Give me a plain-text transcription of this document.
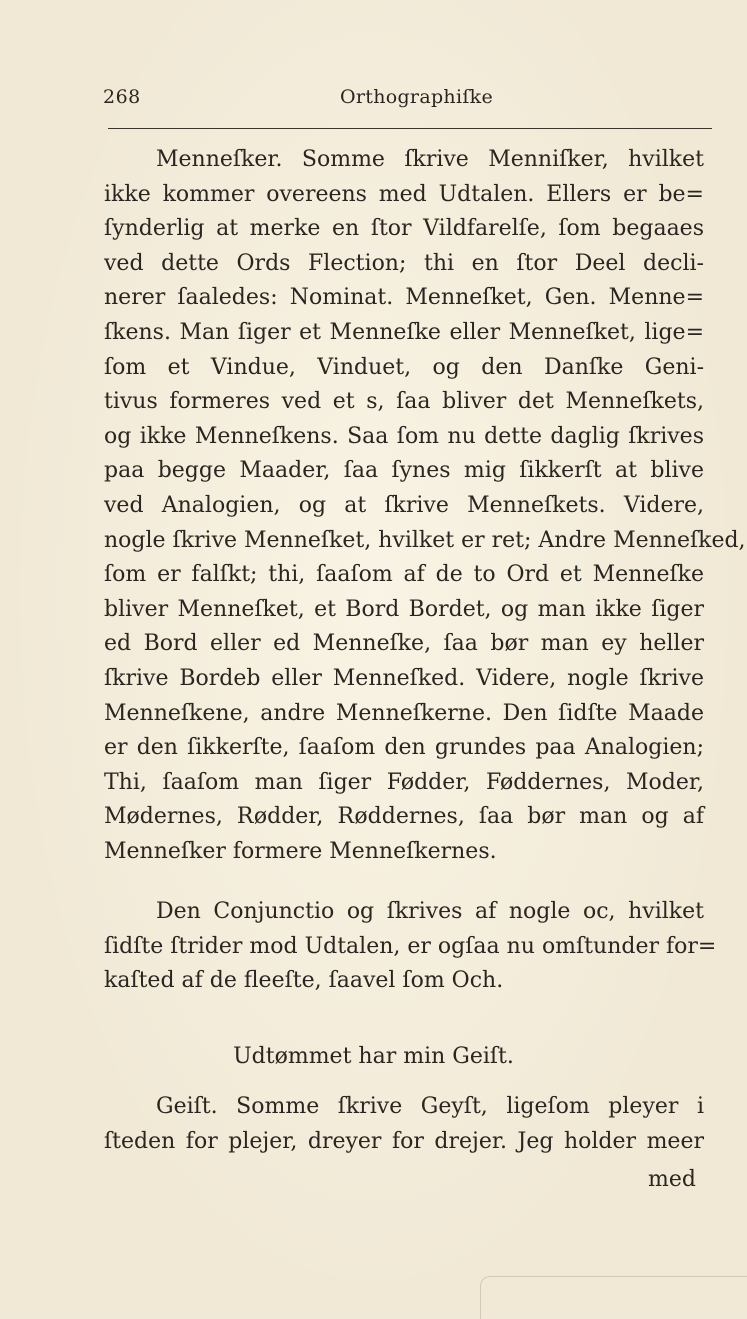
268	Orthographiſke
Menneſker. Somme ſkrive Menniſker, hvilket
ikke kommer overeens med Udtalen. Ellers er be=
ſynderlig at merke en ſtor Vildfarelſe, ſom begaaes
ved dette Ords Flection; thi en ſtor Deel decli-
nerer ſaaledes: Nominat. Menneſket, Gen. Menne=
ſkens. Man ſiger et Menneſke eller Menneſket, lige=
ſom et Vindue, Vinduet, og den Danſke Geni-
tivus formeres ved et s, ſaa bliver det Menneſkets,
og ikke Menneſkens. Saa ſom nu dette daglig ſkrives
paa begge Maader, ſaa ſynes mig ſikkerſt at blive
ved Analogien, og at ſkrive Menneſkets. Videre,
nogle ſkrive Menneſket, hvilket er ret; Andre Menneſked,
ſom er falſkt; thi, ſaaſom af de to Ord et Menneſke
bliver Menneſket, et Bord Bordet, og man ikke ſiger
ed Bord eller ed Menneſke, ſaa bør man ey heller
ſkrive Bordeb eller Menneſked. Videre, nogle ſkrive
Menneſkene, andre Menneſkerne. Den ſidſte Maade
er den ſikkerſte, ſaaſom den grundes paa Analogien;
Thi, ſaaſom man ſiger Fødder, Føddernes, Moder,
Mødernes, Rødder, Røddernes, ſaa bør man og af
Menneſker formere Menneſkernes.
Den Conjunctio og ſkrives af nogle oc, hvilket
ſidſte ſtrider mod Udtalen, er ogſaa nu omſtunder for=
kaſted af de fleeſte, ſaavel ſom Och.
Udtømmet har min Geiſt.
Geiſt. Somme ſkrive Geyſt, ligeſom pleyer i
ſteden for plejer, dreyer for drejer. Jeg holder meer
med
